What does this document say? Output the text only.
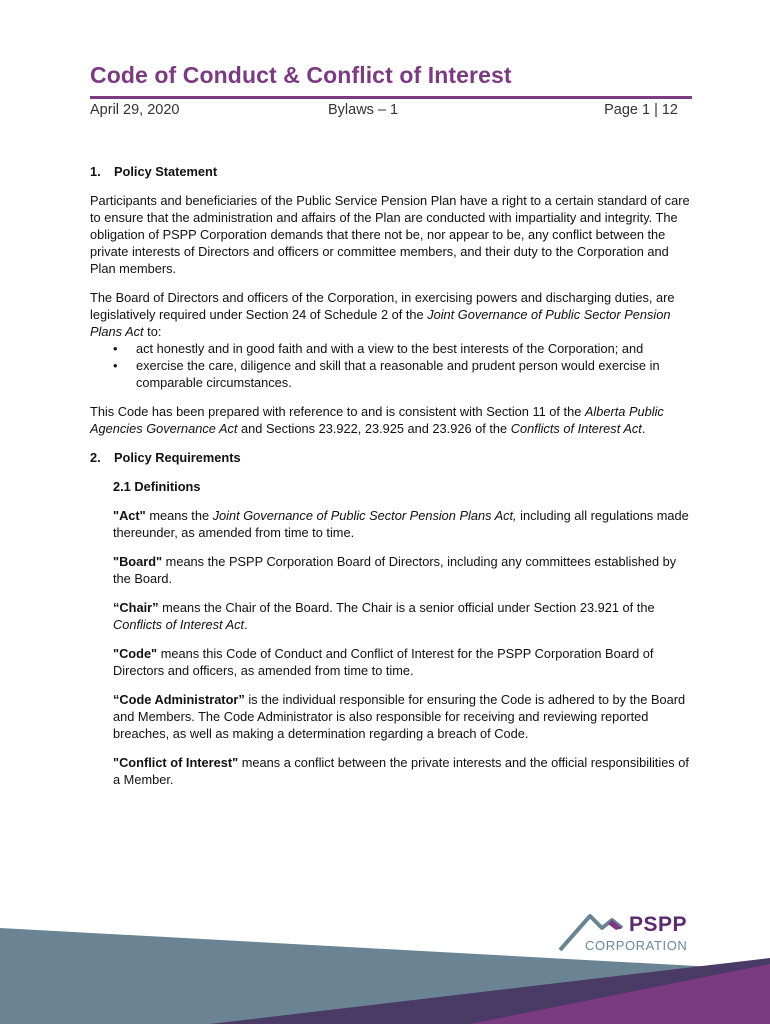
Code of Conduct & Conflict of Interest
April 29, 2020	Bylaws – 1	Page 1 | 12
1. Policy Statement

Participants and beneficiaries of the Public Service Pension Plan have a right to a certain standard of care to ensure that the administration and affairs of the Plan are conducted with impartiality and integrity. The obligation of PSPP Corporation demands that there not be, nor appear to be, any conflict between the private interests of Directors and officers or committee members, and their duty to the Corporation and Plan members.

The Board of Directors and officers of the Corporation, in exercising powers and discharging duties, are legislatively required under Section 24 of Schedule 2 of the Joint Governance of Public Sector Pension Plans Act to:

• act honestly and in good faith and with a view to the best interests of the Corporation; and
• exercise the care, diligence and skill that a reasonable and prudent person would exercise in comparable circumstances.

This Code has been prepared with reference to and is consistent with Section 11 of the Alberta Public Agencies Governance Act and Sections 23.922, 23.925 and 23.926 of the Conflicts of Interest Act.

2. Policy Requirements
2.1 Definitions

"Act" means the Joint Governance of Public Sector Pension Plans Act, including all regulations made thereunder, as amended from time to time.

"Board" means the PSPP Corporation Board of Directors, including any committees established by the Board.

“Chair” means the Chair of the Board. The Chair is a senior official under Section 23.921 of the Conflicts of Interest Act.

"Code" means this Code of Conduct and Conflict of Interest for the PSPP Corporation Board of Directors and officers, as amended from time to time.

“Code Administrator” is the individual responsible for ensuring the Code is adhered to by the Board and Members. The Code Administrator is also responsible for receiving and reviewing reported breaches, as well as making a determination regarding a breach of Code.

"Conflict of Interest" means a conflict between the private interests and the official responsibilities of a Member.

PSPP
CORPORATION
